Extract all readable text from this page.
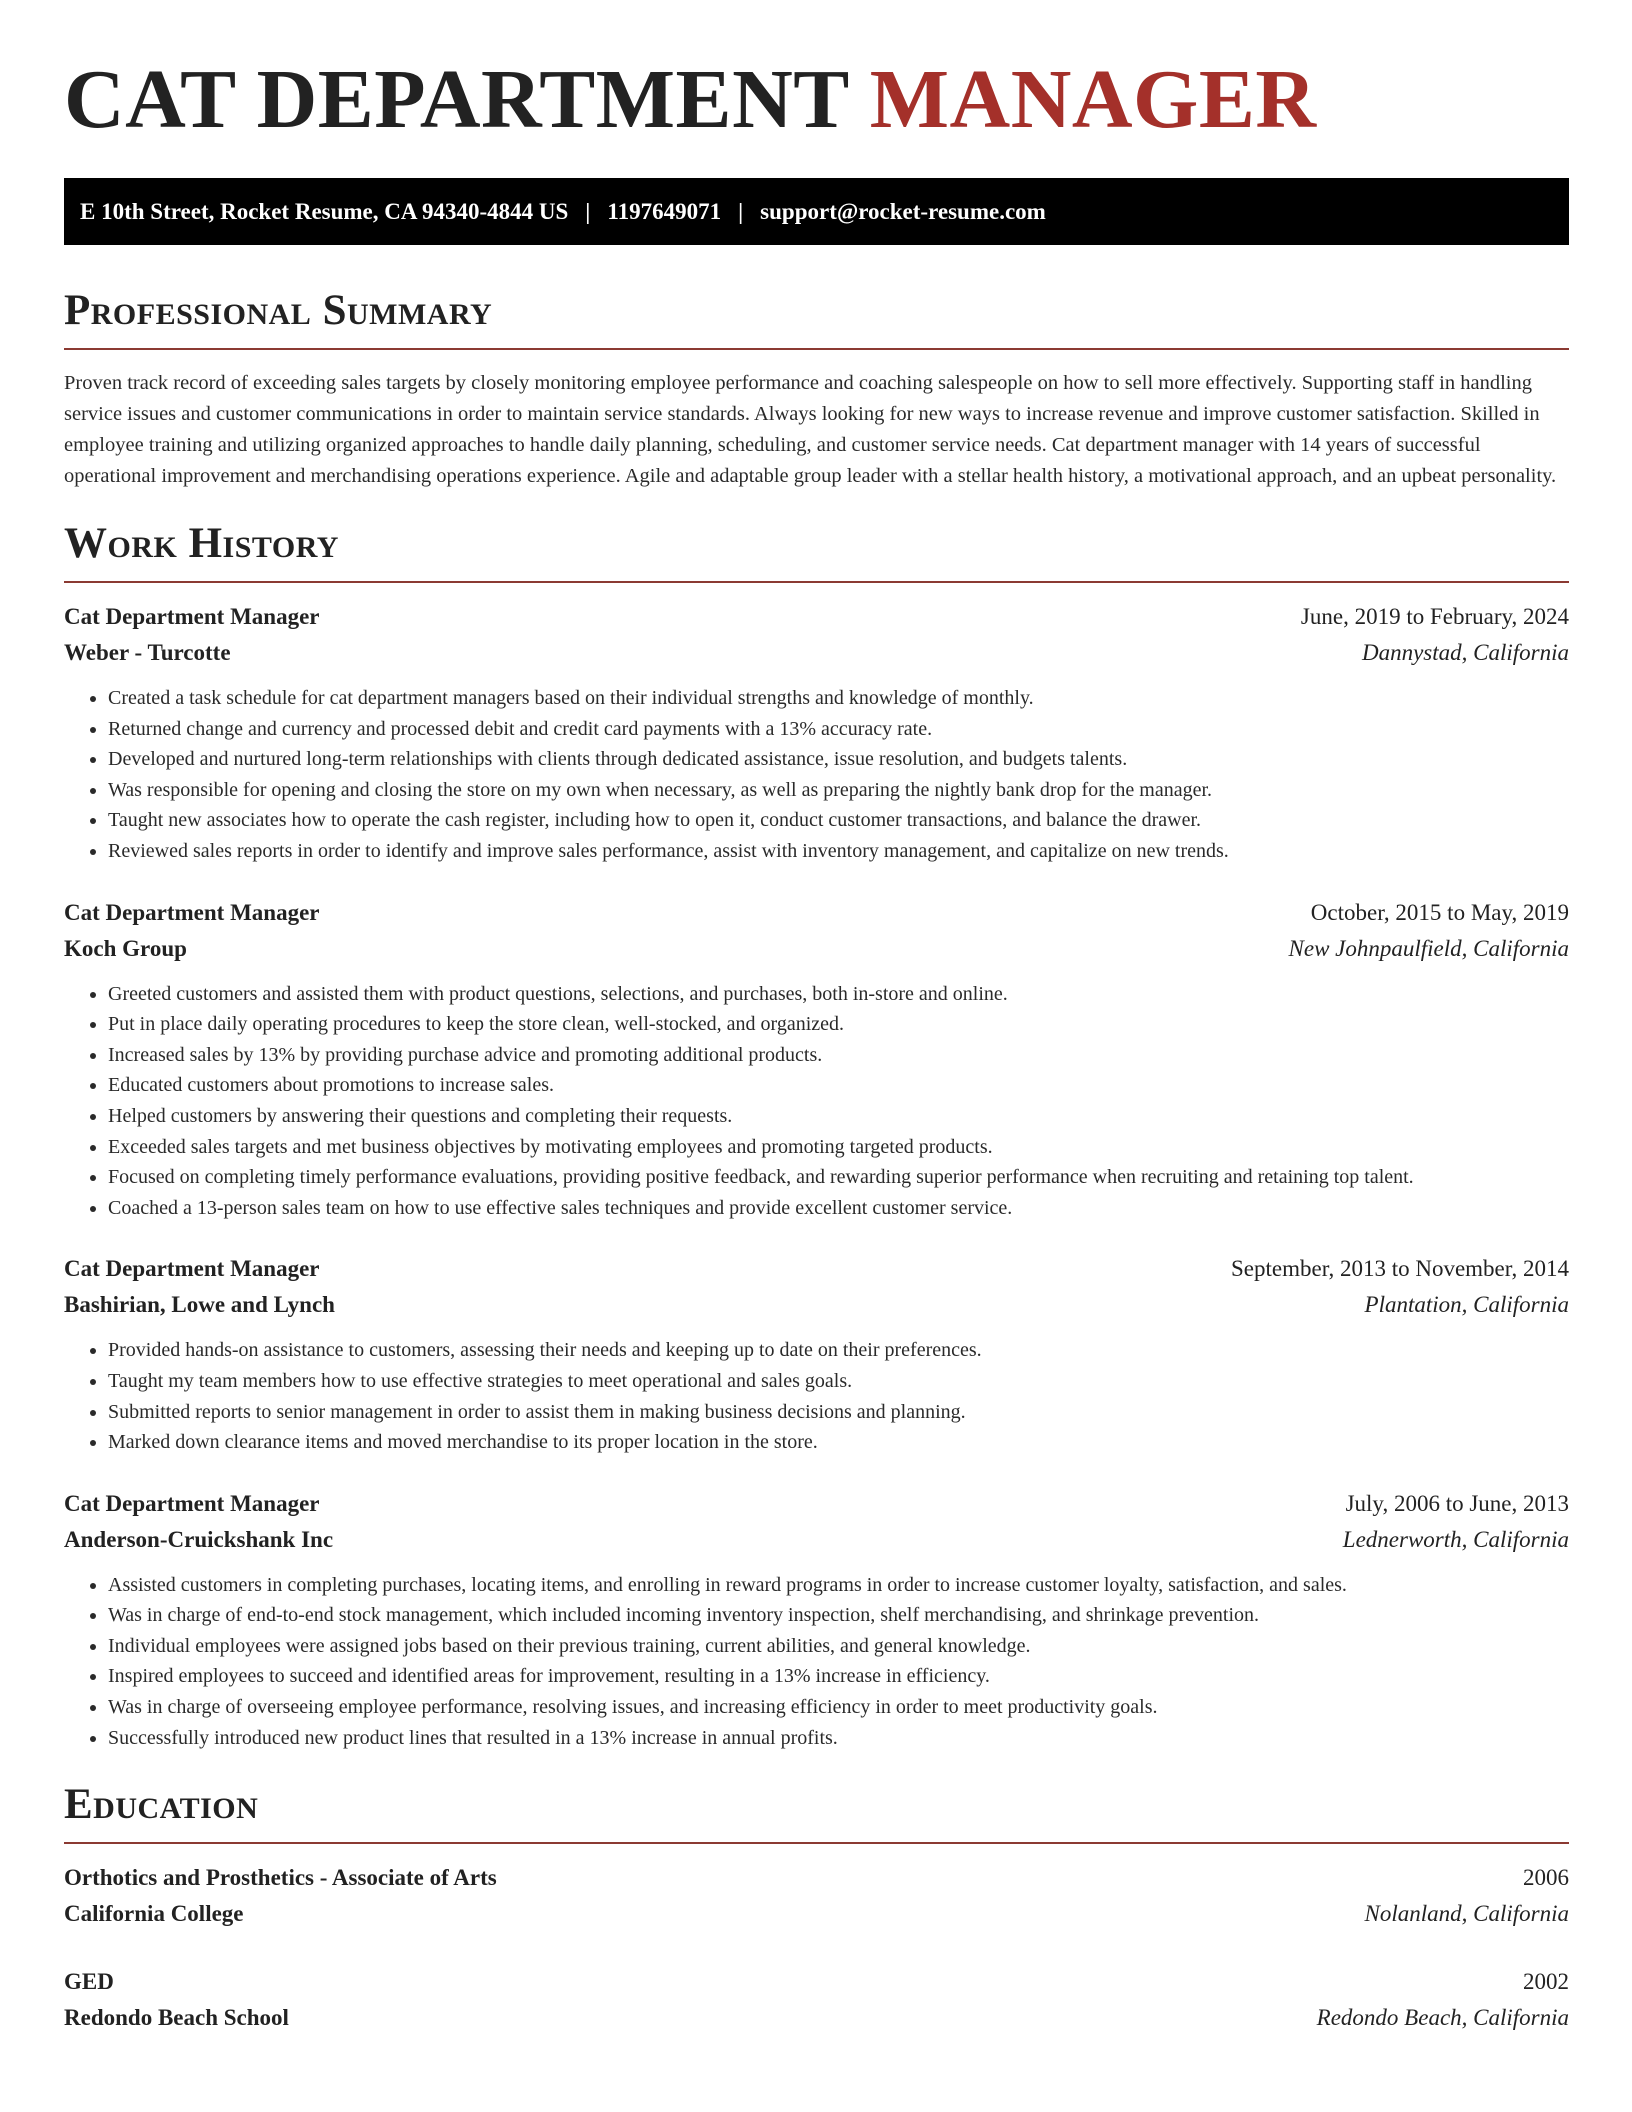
CAT DEPARTMENT MANAGER
E 10th Street, Rocket Resume, CA 94340-4844 US | 1197649071 | support@rocket-resume.com
Professional Summary

Proven track record of exceeding sales targets by closely monitoring employee performance and coaching salespeople on how to sell more effectively. Supporting staff in handling service issues and customer communications in order to maintain service standards. Always looking for new ways to increase revenue and improve customer satisfaction. Skilled in employee training and utilizing organized approaches to handle daily planning, scheduling, and customer service needs. Cat department manager with 14 years of successful operational improvement and merchandising operations experience. Agile and adaptable group leader with a stellar health history, a motivational approach, and an upbeat personality.

Work History
Cat Department Manager	June, 2019 to February, 2024
Weber - Turcotte	Dannystad, California
• Created a task schedule for cat department managers based on their individual strengths and knowledge of monthly.
• Returned change and currency and processed debit and credit card payments with a 13% accuracy rate.
• Developed and nurtured long-term relationships with clients through dedicated assistance, issue resolution, and budgets talents.
• Was responsible for opening and closing the store on my own when necessary, as well as preparing the nightly bank drop for the manager.
• Taught new associates how to operate the cash register, including how to open it, conduct customer transactions, and balance the drawer.
• Reviewed sales reports in order to identify and improve sales performance, assist with inventory management, and capitalize on new trends.
Cat Department Manager	October, 2015 to May, 2019
Koch Group	New Johnpaulfield, California
• Greeted customers and assisted them with product questions, selections, and purchases, both in-store and online.
• Put in place daily operating procedures to keep the store clean, well-stocked, and organized.
• Increased sales by 13% by providing purchase advice and promoting additional products.
• Educated customers about promotions to increase sales.
• Helped customers by answering their questions and completing their requests.
• Exceeded sales targets and met business objectives by motivating employees and promoting targeted products.
• Focused on completing timely performance evaluations, providing positive feedback, and rewarding superior performance when recruiting and retaining top talent.
• Coached a 13-person sales team on how to use effective sales techniques and provide excellent customer service.
Cat Department Manager	September, 2013 to November, 2014
Bashirian, Lowe and Lynch	Plantation, California
• Provided hands-on assistance to customers, assessing their needs and keeping up to date on their preferences.
• Taught my team members how to use effective strategies to meet operational and sales goals.
• Submitted reports to senior management in order to assist them in making business decisions and planning.
• Marked down clearance items and moved merchandise to its proper location in the store.
Cat Department Manager	July, 2006 to June, 2013
Anderson-Cruickshank Inc	Lednerworth, California
• Assisted customers in completing purchases, locating items, and enrolling in reward programs in order to increase customer loyalty, satisfaction, and sales.
• Was in charge of end-to-end stock management, which included incoming inventory inspection, shelf merchandising, and shrinkage prevention.
• Individual employees were assigned jobs based on their previous training, current abilities, and general knowledge.
• Inspired employees to succeed and identified areas for improvement, resulting in a 13% increase in efficiency.
• Was in charge of overseeing employee performance, resolving issues, and increasing efficiency in order to meet productivity goals.
• Successfully introduced new product lines that resulted in a 13% increase in annual profits.
Education
Orthotics and Prosthetics - Associate of Arts	2006
California College	Nolanland, California
GED	2002
Redondo Beach School	Redondo Beach, California
